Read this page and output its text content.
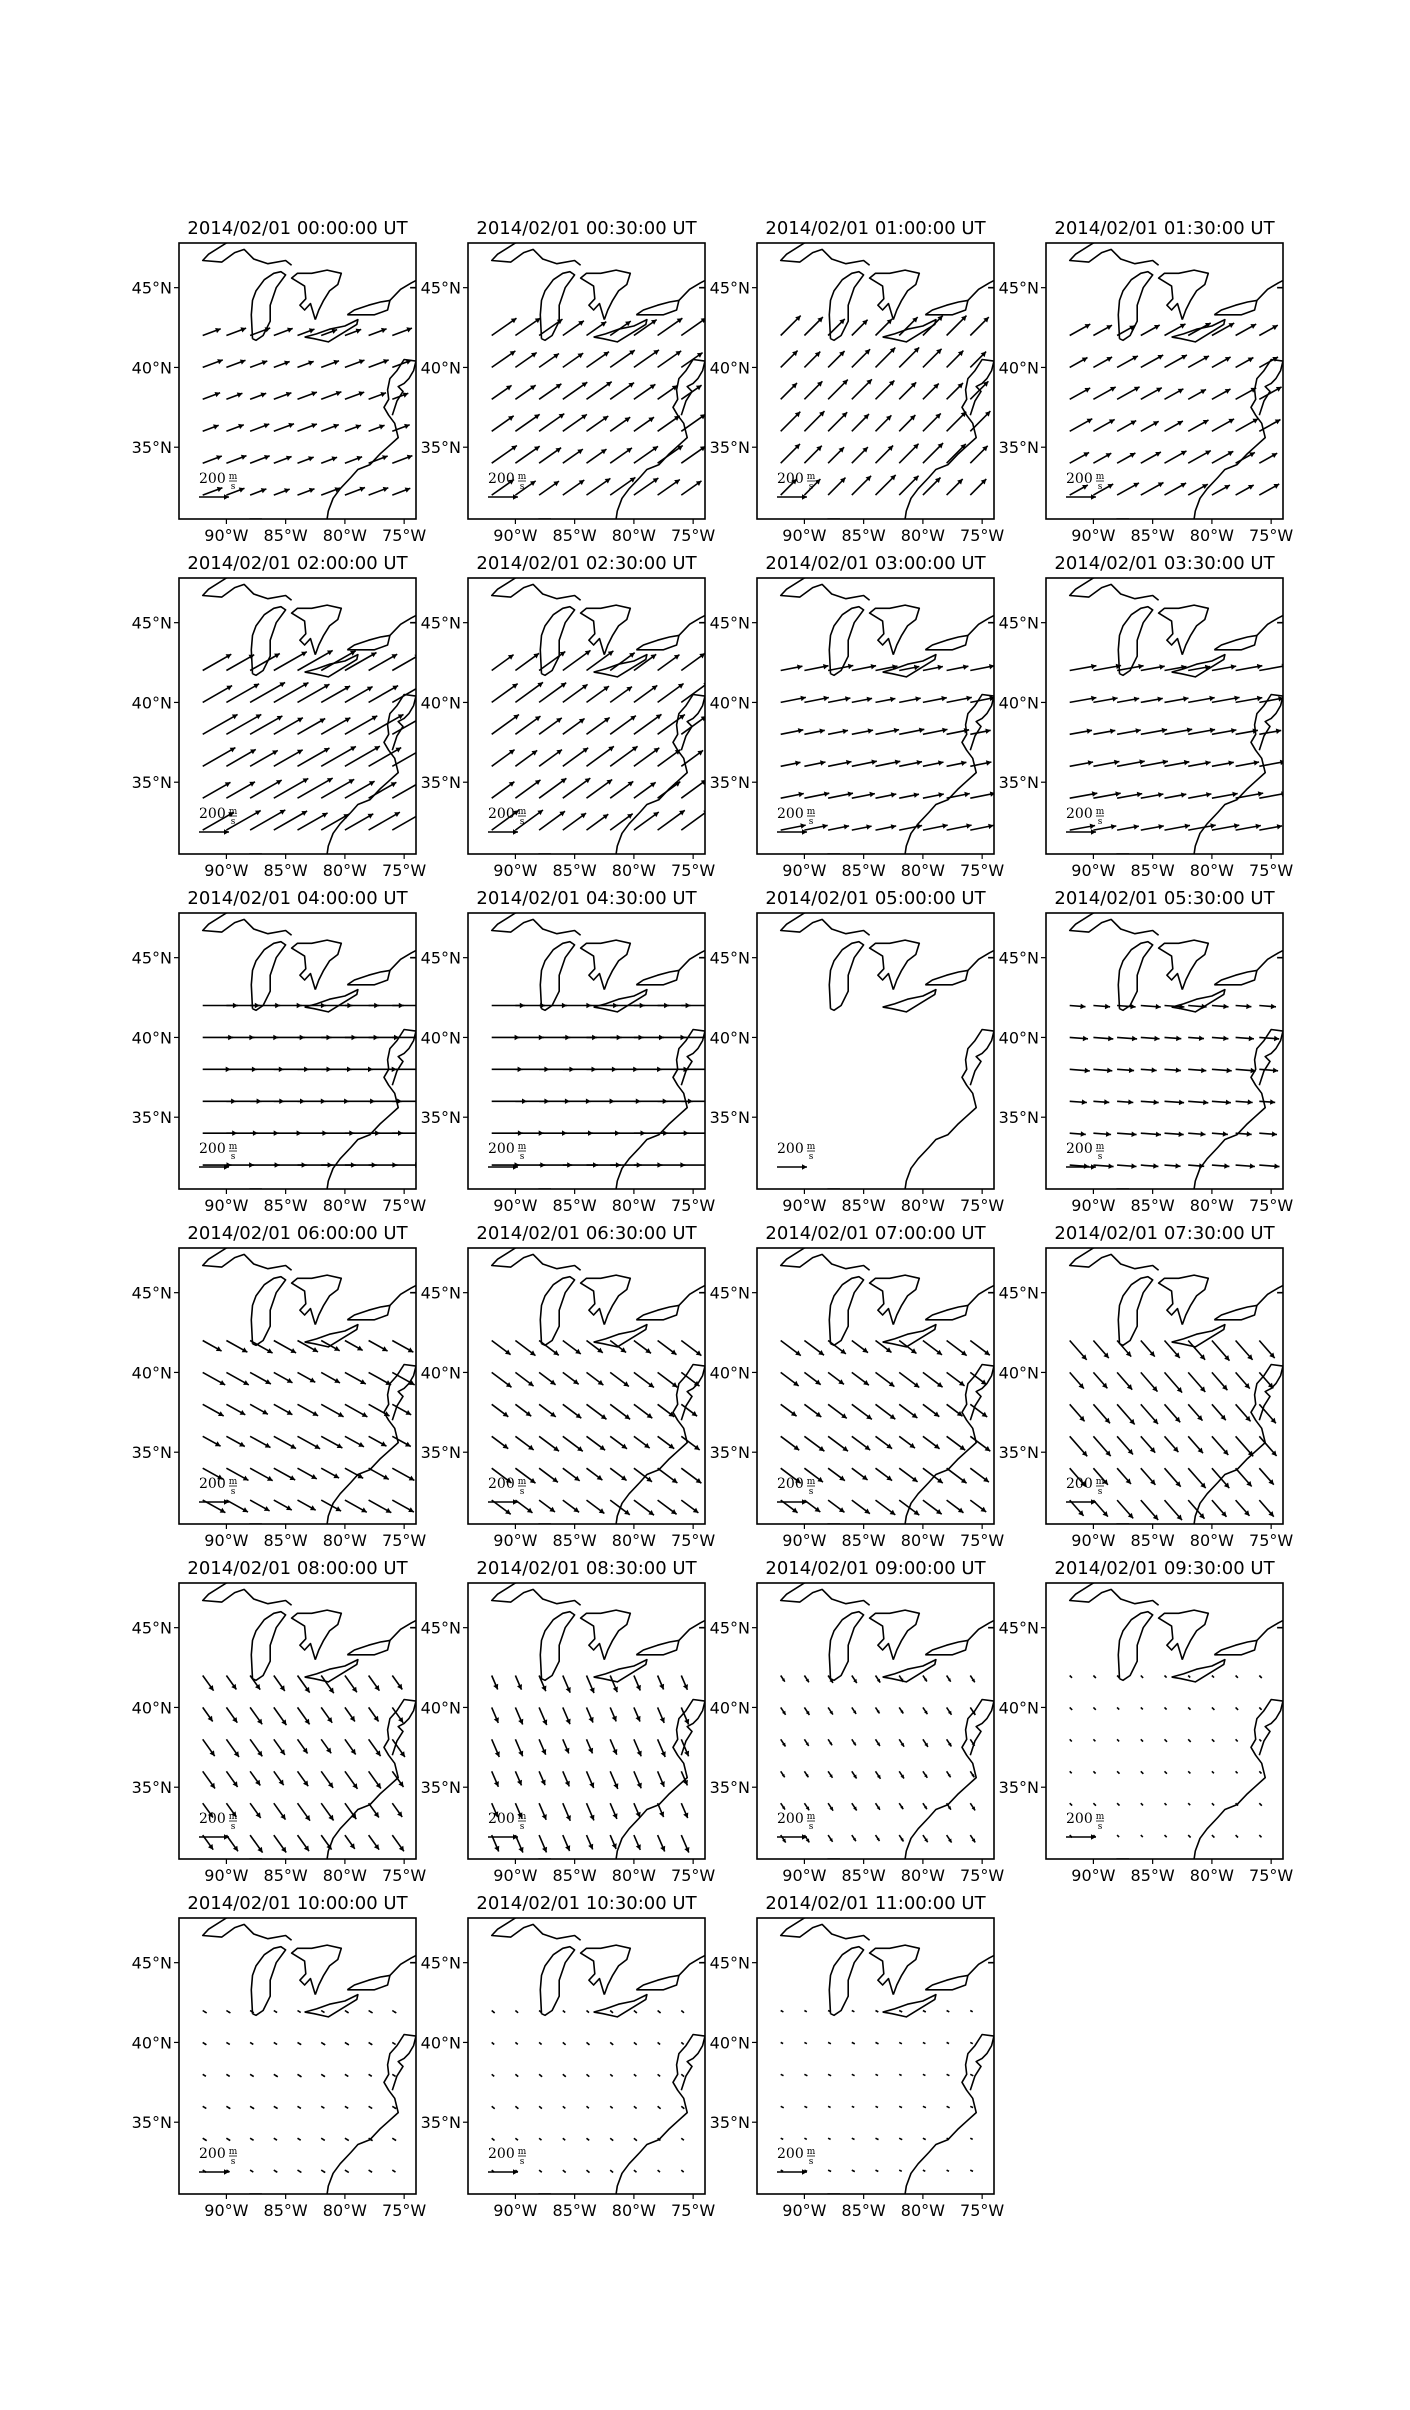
2014/02/01 00:00:00 UT
200 m
s
90°W 85°W 80°W 75°W
35°N
40°N
45°N
2014/02/01 00:30:00 UT
200 m
s
90°W 85°W 80°W 75°W
35°N
40°N
45°N
2014/02/01 01:00:00 UT
200 m
s
90°W 85°W 80°W 75°W
35°N
40°N
45°N
2014/02/01 01:30:00 UT
200 m
s
90°W 85°W 80°W 75°W
35°N
40°N
45°N
2014/02/01 02:00:00 UT
200 m
s
90°W 85°W 80°W 75°W
35°N
40°N
45°N
2014/02/01 02:30:00 UT
200 m
s
90°W 85°W 80°W 75°W
35°N
40°N
45°N
2014/02/01 03:00:00 UT
200 m
s
90°W 85°W 80°W 75°W
35°N
40°N
45°N
2014/02/01 03:30:00 UT
200 m
s
90°W 85°W 80°W 75°W
35°N
40°N
45°N
2014/02/01 04:00:00 UT
200 m
s
90°W 85°W 80°W 75°W
35°N
40°N
45°N
2014/02/01 04:30:00 UT
200 m
s
90°W 85°W 80°W 75°W
35°N
40°N
45°N
2014/02/01 05:00:00 UT
200 m
s
90°W 85°W 80°W 75°W
35°N
40°N
45°N
2014/02/01 05:30:00 UT
200 m
s
90°W 85°W 80°W 75°W
35°N
40°N
45°N
2014/02/01 06:00:00 UT
200 m
s
90°W 85°W 80°W 75°W
35°N
40°N
45°N
2014/02/01 06:30:00 UT
200 m
s
90°W 85°W 80°W 75°W
35°N
40°N
45°N
2014/02/01 07:00:00 UT
200 m
s
90°W 85°W 80°W 75°W
35°N
40°N
45°N
2014/02/01 07:30:00 UT
200 m
s
90°W 85°W 80°W 75°W
35°N
40°N
45°N
2014/02/01 08:00:00 UT
200 m
s
90°W 85°W 80°W 75°W
35°N
40°N
45°N
2014/02/01 08:30:00 UT
200 m
s
90°W 85°W 80°W 75°W
35°N
40°N
45°N
2014/02/01 09:00:00 UT
200 m
s
90°W 85°W 80°W 75°W
35°N
40°N
45°N
2014/02/01 09:30:00 UT
200 m
s
90°W 85°W 80°W 75°W
35°N
40°N
45°N
2014/02/01 10:00:00 UT
200 m
s
90°W 85°W 80°W 75°W
35°N
40°N
45°N
2014/02/01 10:30:00 UT
200 m
s
90°W 85°W 80°W 75°W
35°N
40°N
45°N
2014/02/01 11:00:00 UT
200 m
s
90°W 85°W 80°W 75°W
35°N
40°N
45°N
